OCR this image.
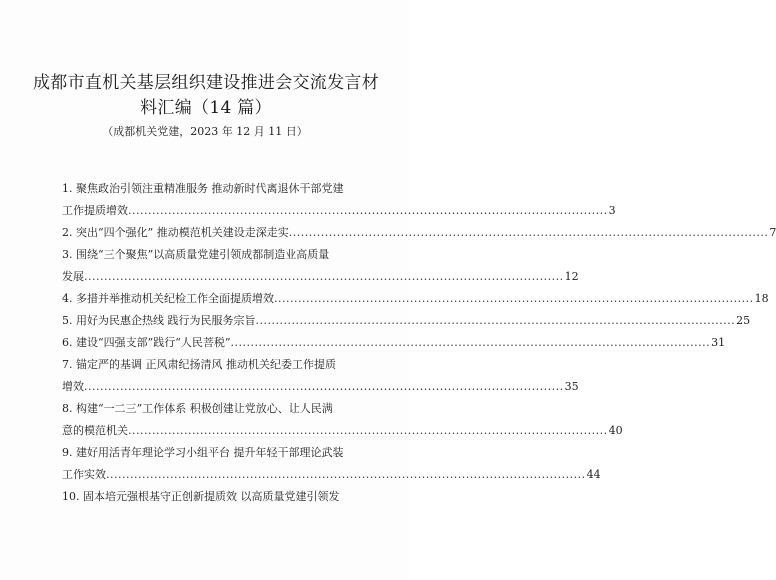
成都市直机关基层组织建设推进会交流发言材料汇编（14 篇）

（成都机关党建，2023 年 12 月 11 日）

1.
聚焦政治引领注重精准服务 推动新时代离退休干部党建
工作提质增效 .....	3
2.
突出“四个强化” 推动模范机关建设走深走实 .....	7
3.
围绕“三个聚焦”以高质量党建引领成都制造业高质量
发展 .....	12
4.
多措并举推动机关纪检工作全面提质增效 .....	18
5.
用好为民惠企热线 践行为民服务宗旨 .....	25
6.
建设“四强支部”践行“人民菩税” .....	31
7.
锚定严的基调 正风肃纪扬清风 推动机关纪委工作提质
增效 .....	35
8.
构建“一二三”工作体系 积极创建让党放心、让人民满
意的模范机关 .....	40
9.
建好用活青年理论学习小组平台 提升年轻干部理论武装
工作实效 .....	44
10.
固本培元强根基守正创新提质效 以高质量党建引领发
